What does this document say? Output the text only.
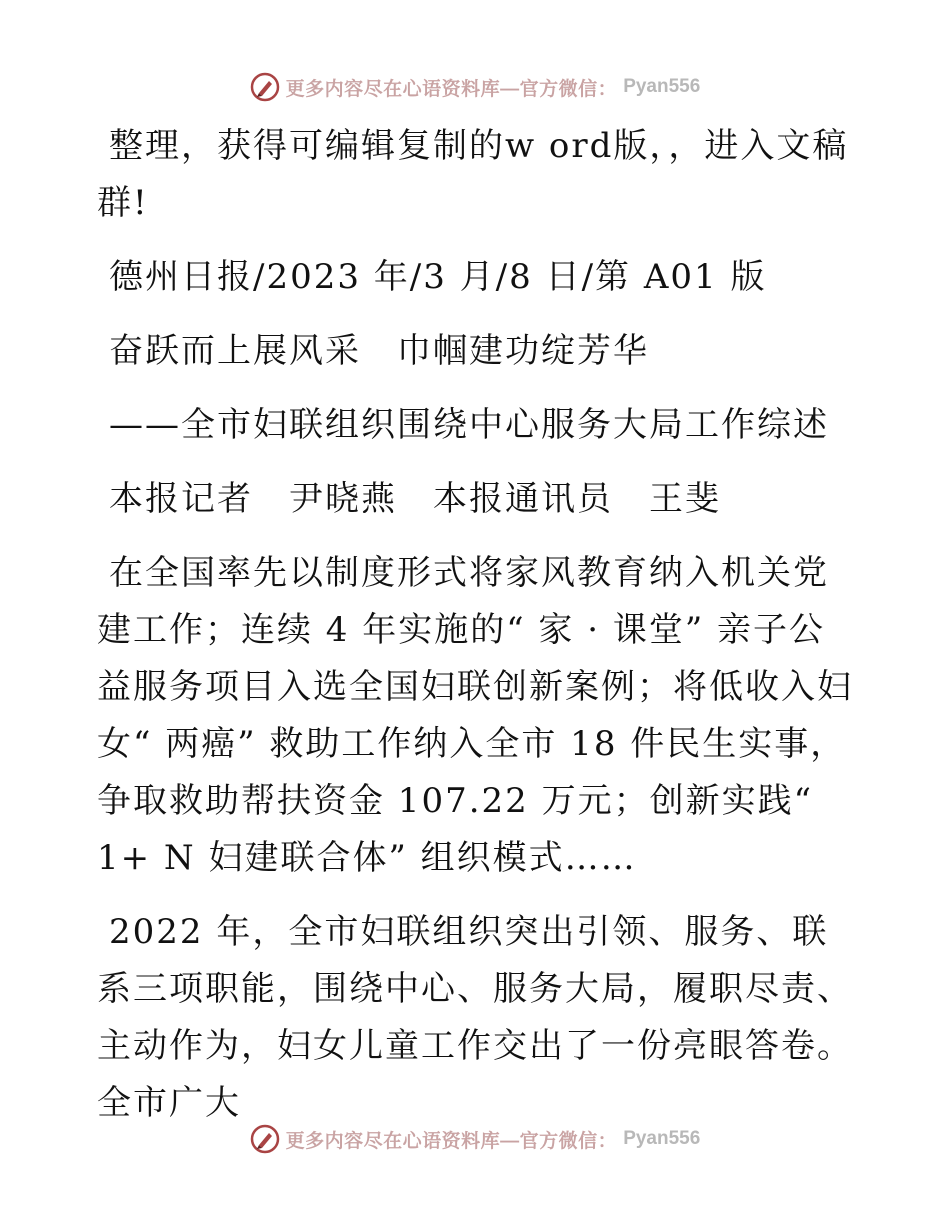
更多内容尽在心语资料库—官方微信： Pyan556

整理，获得可编辑复制的w ord版，，进入文稿群!

德州日报/2023 年/3 月/8 日/第 A01 版

奋跃而上展风采　巾帼建功绽芳华

——全市妇联组织围绕中心服务大局工作综述

本报记者　尹晓燕　本报通讯员　王斐

在全国率先以制度形式将家风教育纳入机关党建工作；连续 4 年实施的“ 家 · 课堂” 亲子公益服务项目入选全国妇联创新案例；将低收入妇女“ 两癌” 救助工作纳入全市 18 件民生实事，争取救助帮扶资金 107.22 万元；创新实践“ 1+ N 妇建联合体” 组织模式……

2022 年，全市妇联组织突出引领、服务、联系三项职能，围绕中心、服务大局，履职尽责、主动作为，妇女儿童工作交出了一份亮眼答卷。全市广大

更多内容尽在心语资料库—官方微信： Pyan556
